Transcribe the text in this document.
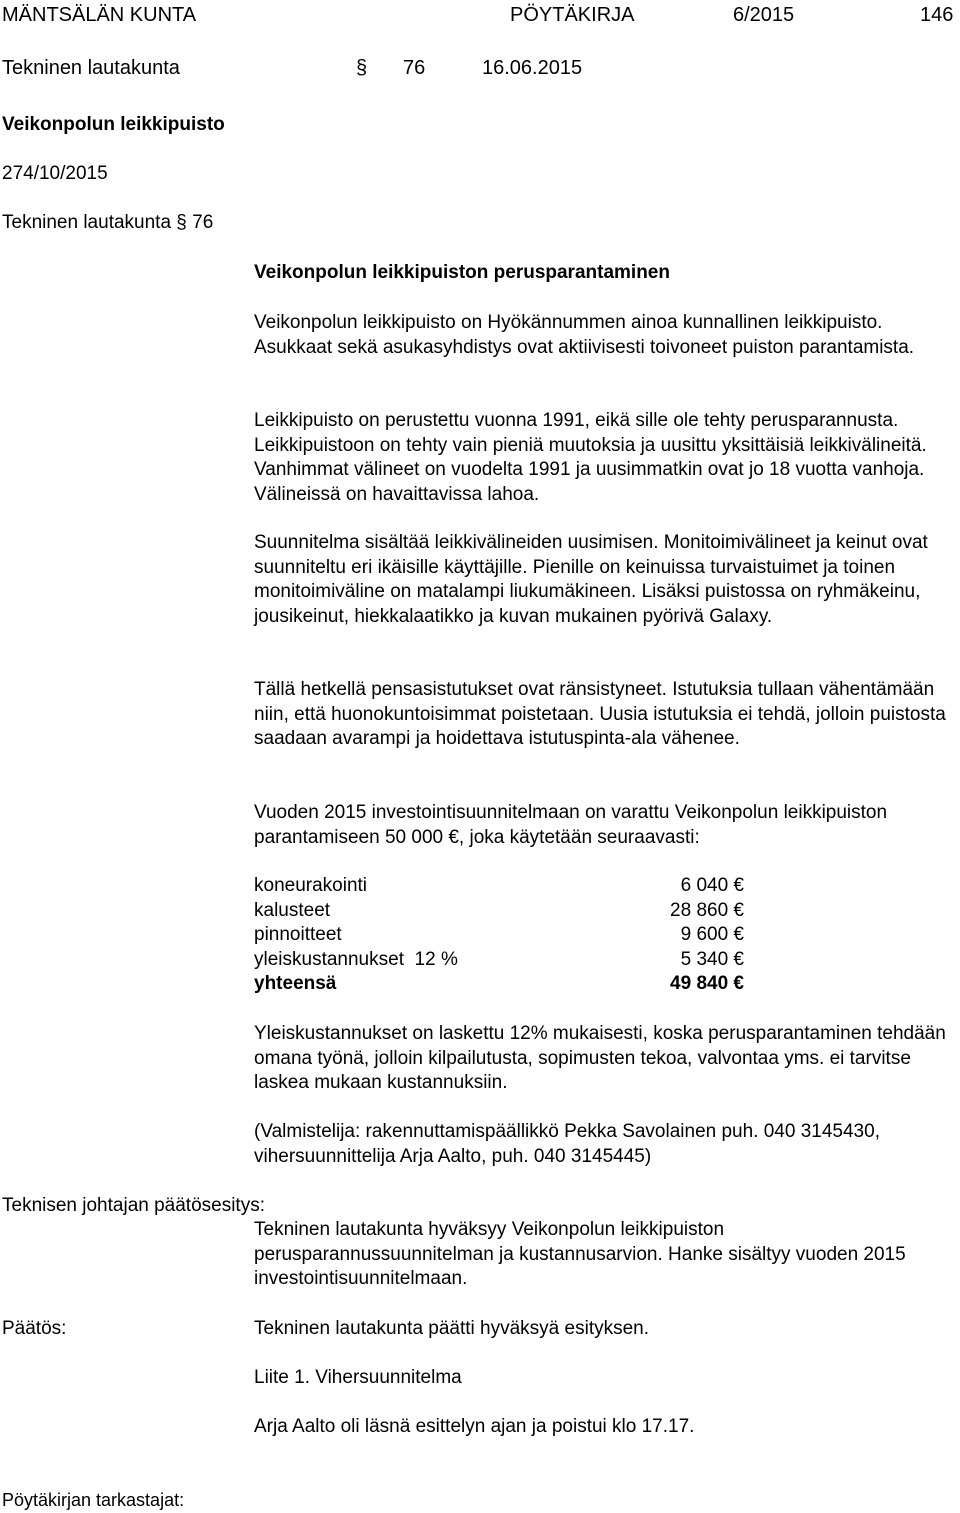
MÄNTSÄLÄN KUNTA	PÖYTÄKIRJA	6/2015	146
Tekninen lautakunta	§ 76	16.06.2015
Veikonpolun leikkipuisto
274/10/2015
Tekninen lautakunta § 76
Veikonpolun leikkipuiston perusparantaminen

Veikonpolun leikkipuisto on Hyökännummen ainoa kunnallinen leikkipuisto. Asukkaat sekä asukasyhdistys ovat aktiivisesti toivoneet puiston parantamista.

Leikkipuisto on perustettu vuonna 1991, eikä sille ole tehty perusparannusta. Leikkipuistoon on tehty vain pieniä muutoksia ja uusittu yksittäisiä leikkivälineitä. Vanhimmat välineet on vuodelta 1991 ja uusimmatkin ovat jo 18 vuotta vanhoja. Välineissä on havaittavissa lahoa.

Suunnitelma sisältää leikkivälineiden uusimisen. Monitoimivälineet ja keinut ovat suunniteltu eri ikäisille käyttäjille. Pienille on keinuissa turvaistuimet ja toinen monitoimiväline on matalampi liukumäkineen. Lisäksi puistossa on ryhmäkeinu, jousikeinut, hiekkalaatikko ja kuvan mukainen pyörivä Galaxy.

Tällä hetkellä pensasistutukset ovat ränsistyneet. Istutuksia tullaan vähentämään niin, että huonokuntoisimmat poistetaan. Uusia istutuksia ei tehdä, jolloin puistosta saadaan avarampi ja hoidettava istutuspinta-ala vähenee.

Vuoden 2015 investointisuunnitelmaan on varattu Veikonpolun leikkipuiston parantamiseen 50 000 €, joka käytetään seuraavasti:

koneurakointi	6 040 €
kalusteet	28 860 €
pinnoitteet	9 600 €
yleiskustannukset  12 %	5 340 €
yhteensä	49 840 €

Yleiskustannukset on laskettu 12% mukaisesti, koska perusparantaminen tehdään omana työnä, jolloin kilpailutusta, sopimusten tekoa, valvontaa yms. ei tarvitse laskea mukaan kustannuksiin.

(Valmistelija: rakennuttamispäällikkö Pekka Savolainen puh. 040 3145430, vihersuunnittelija Arja Aalto, puh. 040 3145445)

Teknisen johtajan päätösesitys:

Tekninen lautakunta hyväksyy Veikonpolun leikkipuiston perusparannussuunnitelman ja kustannusarvion. Hanke sisältyy vuoden 2015 investointisuunnitelmaan.

Päätös:	Tekninen lautakunta päätti hyväksyä esityksen.
Liite 1. Vihersuunnitelma
Arja Aalto oli läsnä esittelyn ajan ja poistui klo 17.17.
Pöytäkirjan tarkastajat:
